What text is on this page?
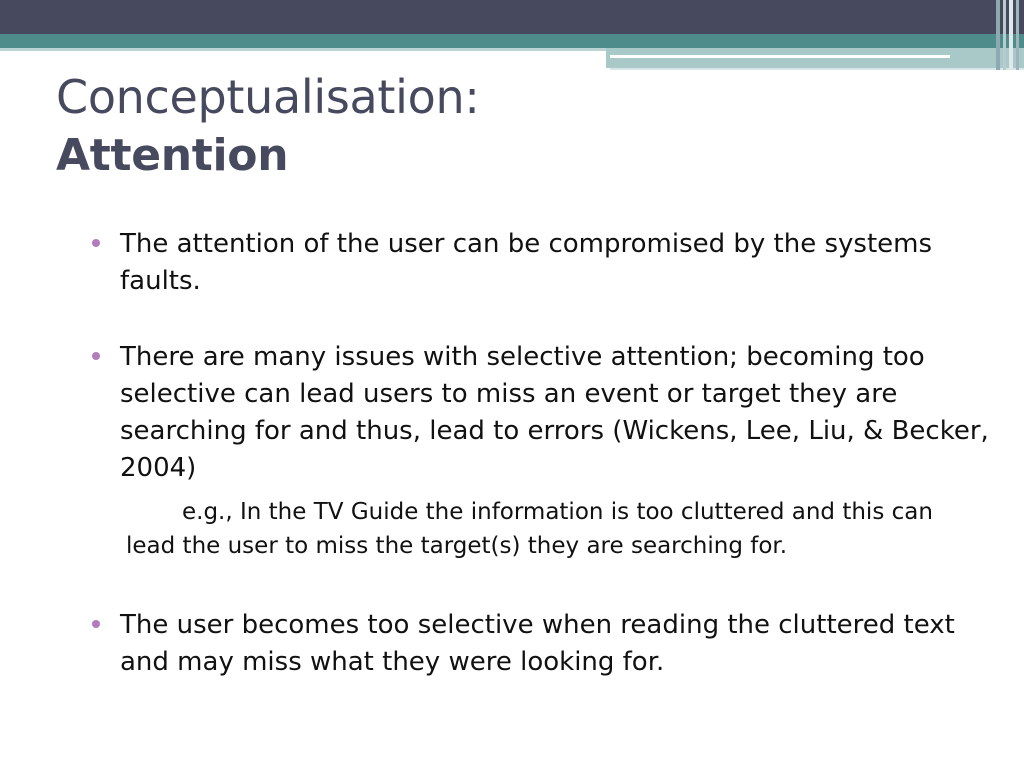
Conceptualisation:
Attention
The attention of the user can be compromised by the systems faults.
There are many issues with selective attention; becoming too selective can lead users to miss an event or target they are searching for and thus, lead to errors (Wickens, Lee, Liu, & Becker, 2004)
e.g., In the TV Guide the information is too cluttered and this can lead the user to miss the target(s) they are searching for.
The user becomes too selective when reading the cluttered text and may miss what they were looking for.
